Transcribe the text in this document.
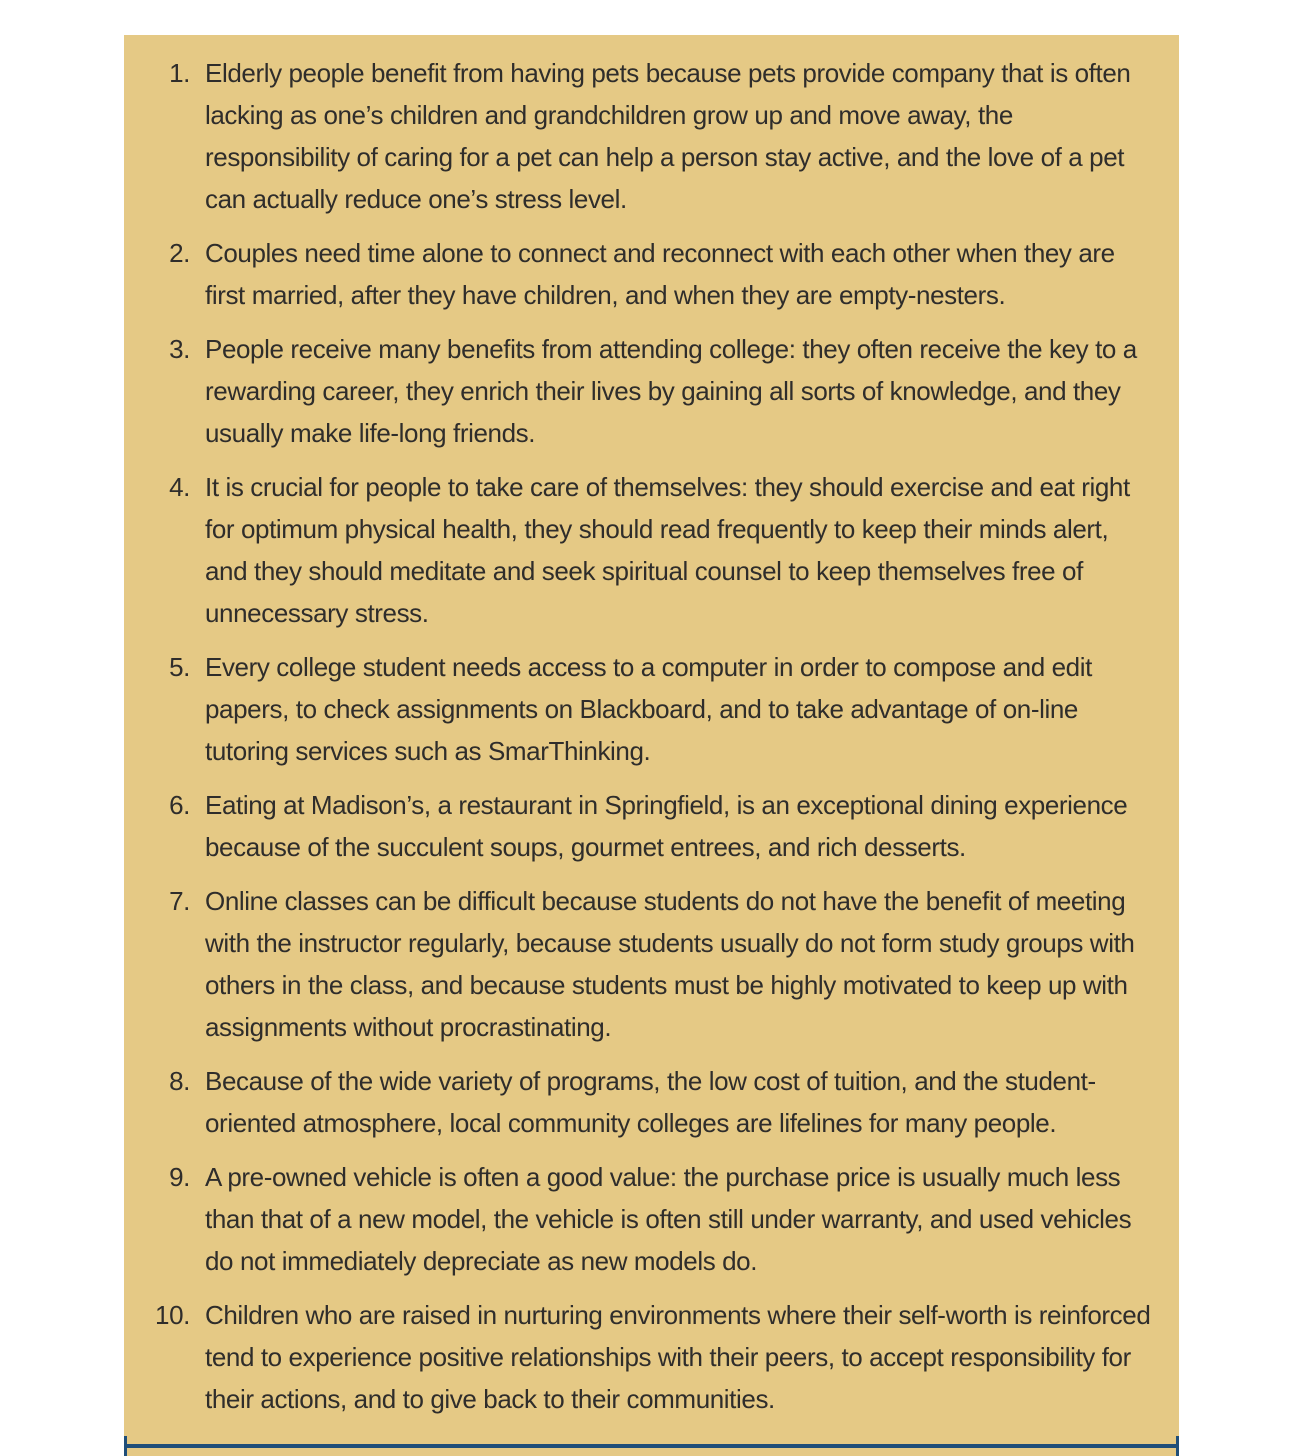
1. Elderly people benefit from having pets because pets provide company that is often lacking as one’s children and grandchildren grow up and move away, the responsibility of caring for a pet can help a person stay active, and the love of a pet can actually reduce one’s stress level.
2. Couples need time alone to connect and reconnect with each other when they are first married, after they have children, and when they are empty-nesters.
3. People receive many benefits from attending college: they often receive the key to a rewarding career, they enrich their lives by gaining all sorts of knowledge, and they usually make life-long friends.
4. It is crucial for people to take care of themselves: they should exercise and eat right for optimum physical health, they should read frequently to keep their minds alert, and they should meditate and seek spiritual counsel to keep themselves free of unnecessary stress.
5. Every college student needs access to a computer in order to compose and edit papers, to check assignments on Blackboard, and to take advantage of on-line tutoring services such as SmarThinking.
6. Eating at Madison’s, a restaurant in Springfield, is an exceptional dining experience because of the succulent soups, gourmet entrees, and rich desserts.
7. Online classes can be difficult because students do not have the benefit of meeting with the instructor regularly, because students usually do not form study groups with others in the class, and because students must be highly motivated to keep up with assignments without procrastinating.
8. Because of the wide variety of programs, the low cost of tuition, and the student-oriented atmosphere, local community colleges are lifelines for many people.
9. A pre-owned vehicle is often a good value: the purchase price is usually much less than that of a new model, the vehicle is often still under warranty, and used vehicles do not immediately depreciate as new models do.
10. Children who are raised in nurturing environments where their self-worth is reinforced tend to experience positive relationships with their peers, to accept responsibility for their actions, and to give back to their communities.
